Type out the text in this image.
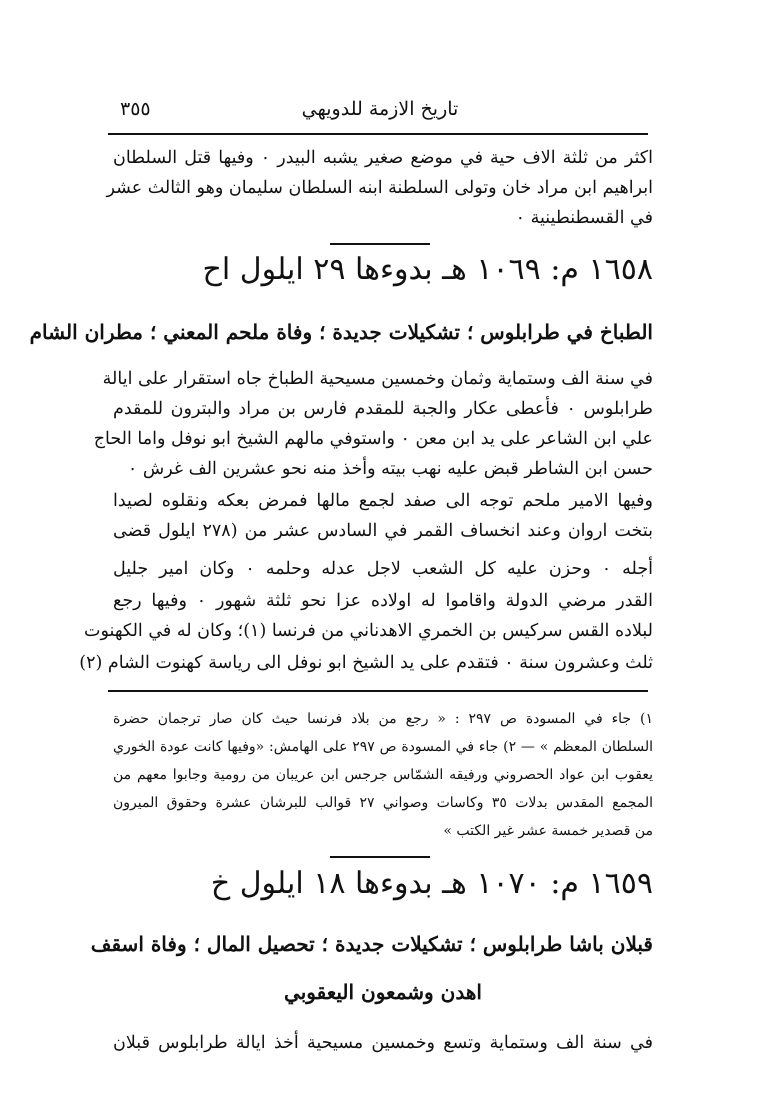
٣٥٥	تاريخ الازمة للدويهي
اكثر من ثلثة الاف حية في موضع صغير يشبه البيدر ٠ وفيها قتل السلطان
ابراهيم ابن مراد خان وتولى السلطنة ابنه السلطان سليمان وهو الثالث عشر
في القسطنطينية ٠
١٦٥٨ م: ١٠٦٩ هـ بدوءها ٢٩ ايلول اح
الطباخ في طرابلوس ؛ تشكيلات جديدة ؛ وفاة ملحم المعني ؛ مطران الشام
في سنة الف وستماية وثمان وخمسين مسيحية الطباخ جاه استقرار على ايالة
طرابلوس ٠ فأعطى عكار والجبة للمقدم فارس بن مراد والبترون للمقدم
علي ابن الشاعر على يد ابن معن ٠ واستوفي مالهم الشيخ ابو نوفل واما الحاج
حسن ابن الشاطر قبض عليه نهب بيته وأخذ منه نحو عشرين الف غرش ٠
وفيها الامير ملحم توجه الى صفد لجمع مالها فمرض بعكه ونقلوه لصيدا
بتخت اروان وعند انخساف القمر في السادس عشر من (٢٧٨ ايلول قضى
أجله ٠ وحزن عليه كل الشعب لاجل عدله وحلمه ٠ وكان امير جليل
القدر مرضي الدولة واقاموا له اولاده عزا نحو ثلثة شهور ٠ وفيها رجع
لبلاده القس سركيس بن الخمري الاهدناني من فرنسا (١)؛ وكان له في الكهنوت
ثلث وعشرون سنة ٠ فتقدم على يد الشيخ ابو نوفل الى رياسة كهنوت الشام (٢)
١) جاء في المسودة ص ٢٩٧ : « رجع من بلاد فرنسا حيث كان صار ترجمان حضرة
السلطان المعظم » — ٢) جاء في المسودة ص ٢٩٧ على الهامش: «وفيها كانت عودة الخوري
يعقوب ابن عواد الحصروني ورفيقه الشمّاس جرجس ابن عريبان من رومية وجابوا معهم من
المجمع المقدس بدلات ٣٥ وكاسات وصواني ٢٧ قوالب للبرشان عشرة وحقوق الميرون
من قصدير خمسة عشر غير الكتب »
١٦٥٩ م: ١٠٧٠ هـ بدوءها ١٨ ايلول خ
قبلان باشا طرابلوس ؛ تشكيلات جديدة ؛ تحصيل المال ؛ وفاة اسقف
اهدن وشمعون اليعقوبي
في سنة الف وستماية وتسع وخمسين مسيحية أخذ ايالة طرابلوس قبلان
